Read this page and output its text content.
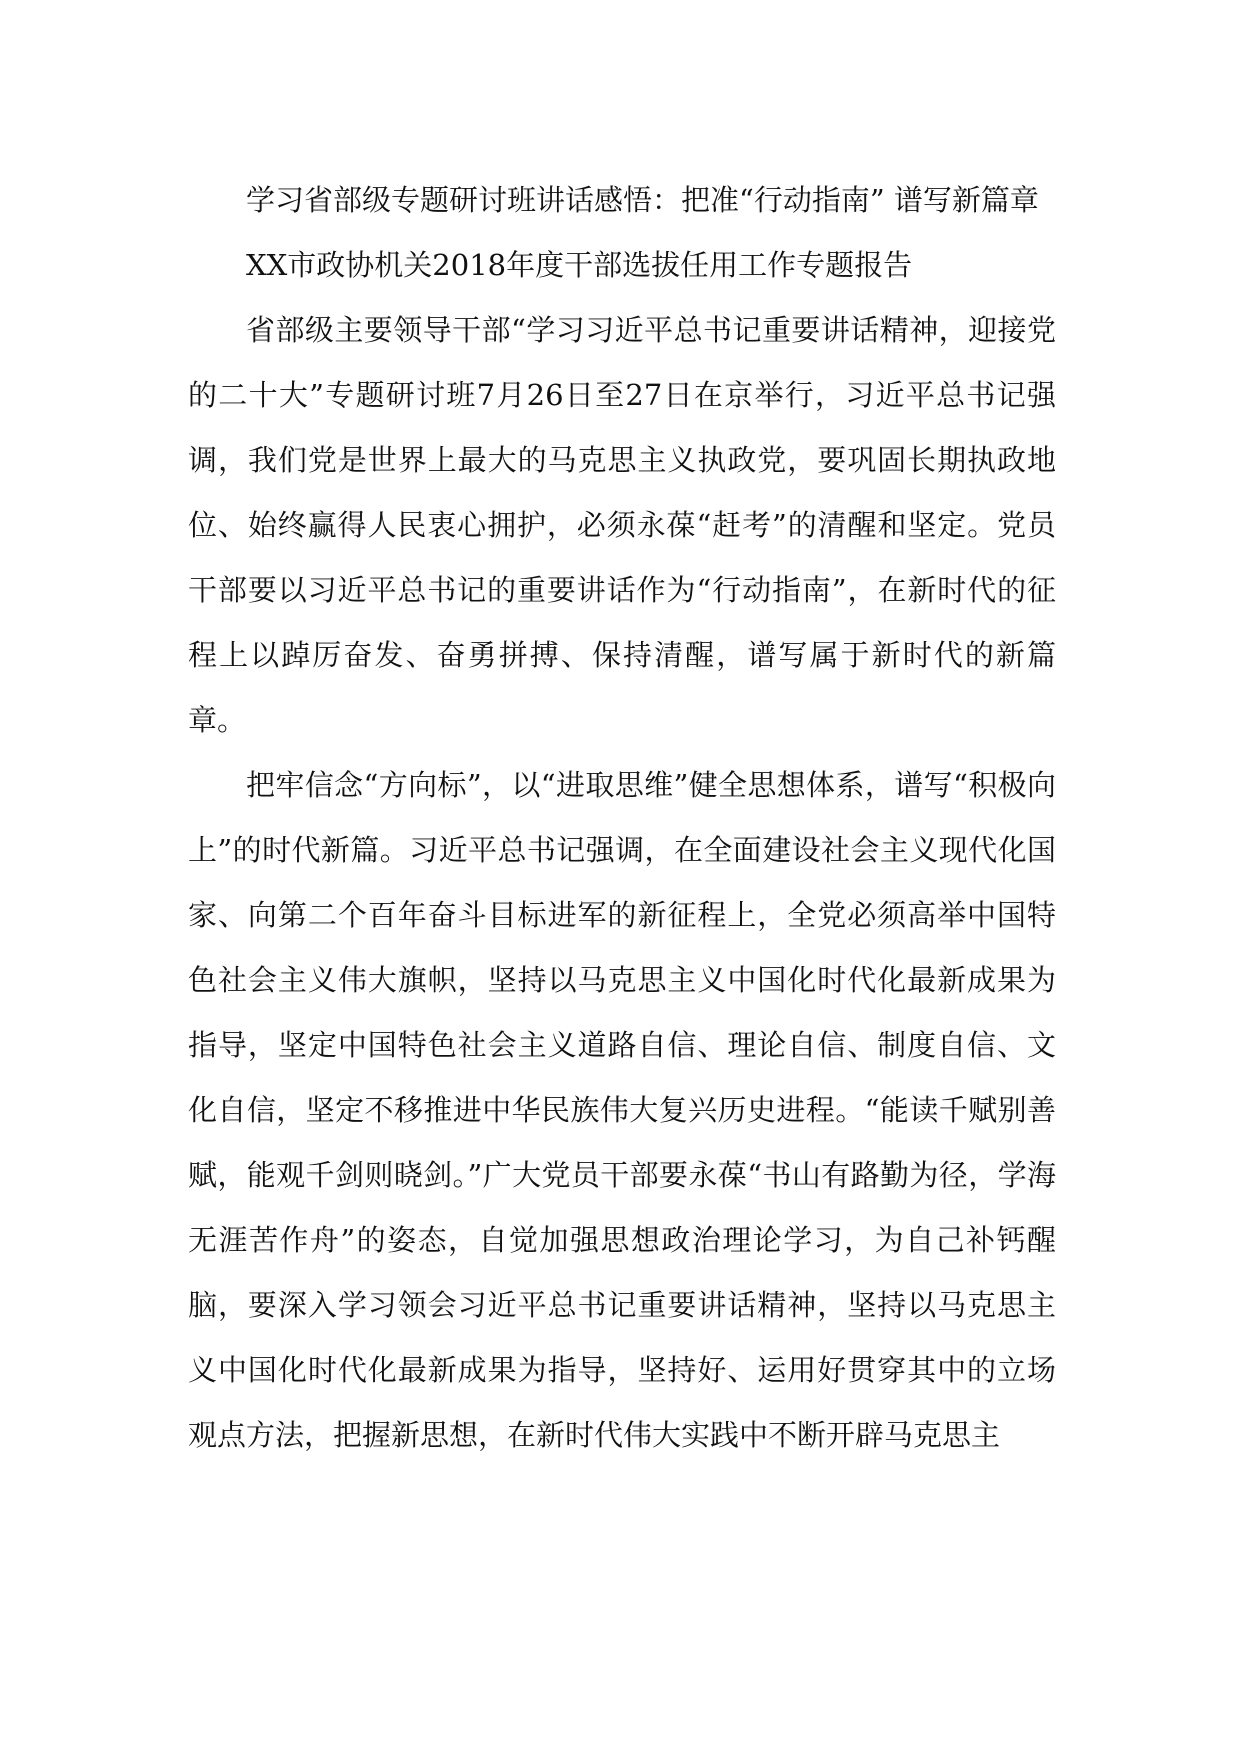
学习省部级专题研讨班讲话感悟：把准“行动指南” 谱写新篇章

XX市政协机关2018年度干部选拔任用工作专题报告

省部级主要领导干部“学习习近平总书记重要讲话精神，迎接党的二十大”专题研讨班7月26日至27日在京举行，习近平总书记强调，我们党是世界上最大的马克思主义执政党，要巩固长期执政地位、始终赢得人民衷心拥护，必须永葆“赶考”的清醒和坚定。党员干部要以习近平总书记的重要讲话作为“行动指南”，在新时代的征程上以踔厉奋发、奋勇拼搏、保持清醒，谱写属于新时代的新篇章。

把牢信念“方向标”，以“进取思维”健全思想体系，谱写“积极向上”的时代新篇。习近平总书记强调，在全面建设社会主义现代化国家、向第二个百年奋斗目标进军的新征程上，全党必须高举中国特色社会主义伟大旗帜，坚持以马克思主义中国化时代化最新成果为指导，坚定中国特色社会主义道路自信、理论自信、制度自信、文化自信，坚定不移推进中华民族伟大复兴历史进程。“能读千赋别善赋，能观千剑则晓剑。”广大党员干部要永葆“书山有路勤为径，学海无涯苦作舟”的姿态，自觉加强思想政治理论学习，为自己补钙醒脑，要深入学习领会习近平总书记重要讲话精神，坚持以马克思主义中国化时代化最新成果为指导，坚持好、运用好贯穿其中的立场观点方法，把握新思想，在新时代伟大实践中不断开辟马克思主
